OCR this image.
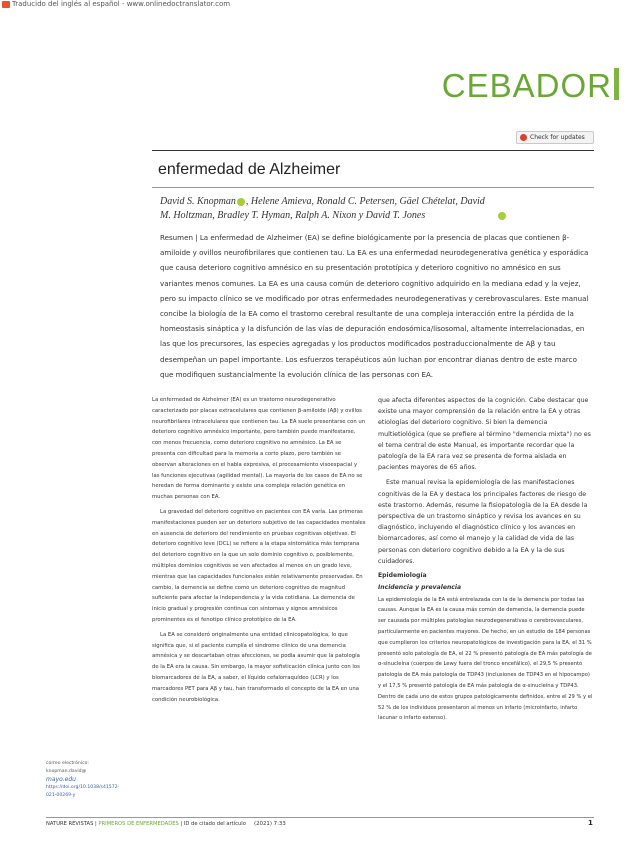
Traducido del inglés al español - www.onlinedoctranslator.com
CEBADOR
Check for updates
enfermedad de Alzheimer
David S. Knopman , Helene Amieva, Ronald C. Petersen, Gäel Chételat, David
M. Holtzman, Bradley T. Hyman, Ralph A. Nixon y David T. Jones
Resumen | La enfermedad de Alzheimer (EA) se define biológicamente por la presencia de placas que contienen β-amiloide y ovillos neurofibrilares que contienen tau. La EA es una enfermedad neurodegenerativa genética y esporádica que causa deterioro cognitivo amnésico en su presentación prototípica y deterioro cognitivo no amnésico en sus variantes menos comunes. La EA es una causa común de deterioro cognitivo adquirido en la mediana edad y la vejez, pero su impacto clínico se ve modificado por otras enfermedades neurodegenerativas y cerebrovasculares. Este manual concibe la biología de la EA como el trastorno cerebral resultante de una compleja interacción entre la pérdida de la homeostasis sináptica y la disfunción de las vías de depuración endosómica/lisosomal, altamente interrelacionadas, en las que los precursores, las especies agregadas y los productos modificados postraduccionalmente de Aβ y tau desempeñan un papel importante. Los esfuerzos terapéuticos aún luchan por encontrar dianas dentro de este marco que modifiquen sustancialmente la evolución clínica de las personas con EA.

La enfermedad de Alzheimer (EA) es un trastorno neurodegenerativo caracterizado por placas extracelulares que contienen β-amiloide (Aβ) y ovillos neurofibrilares intracelulares que contienen tau. La EA suele presentarse con un deterioro cognitivo amnésico importante, pero también puede manifestarse, con menos frecuencia, como deterioro cognitivo no amnésico. La EA se presenta con dificultad para la memoria a corto plazo, pero también se observan alteraciones en el habla expresiva, el procesamiento visoespacial y las funciones ejecutivas (agilidad mental). La mayoría de los casos de EA no se heredan de forma dominante y existe una compleja relación genética en muchas personas con EA.

La gravedad del deterioro cognitivo en pacientes con EA varía. Las primeras manifestaciones pueden ser un deterioro subjetivo de las capacidades mentales en ausencia de deterioro del rendimiento en pruebas cognitivas objetivas. El deterioro cognitivo leve (DCL) se refiere a la etapa sintomática más temprana del deterioro cognitivo en la que un solo dominio cognitivo o, posiblemente, múltiples dominios cognitivos se ven afectados al menos en un grado leve, mientras que las capacidades funcionales están relativamente preservadas. En cambio, la demencia se define como un deterioro cognitivo de magnitud suficiente para afectar la independencia y la vida cotidiana. La demencia de inicio gradual y progresión continua con síntomas y signos amnésicos prominentes es el fenotipo clínico prototípico de la EA.

La EA se consideró originalmente una entidad clinicopatológica, lo que significa que, si el paciente cumplía el síndrome clínico de una demencia amnésica y se descartaban otras afecciones, se podía asumir que la patología de la EA era la causa. Sin embargo, la mayor sofisticación clínica junto con los biomarcadores de la EA, a saber, el líquido cefalorraquídeo (LCR) y los marcadores PET para Aβ y tau, han transformado el concepto de la EA en una condición neurobiológica.

que afecta diferentes aspectos de la cognición. Cabe destacar que existe una mayor comprensión de la relación entre la EA y otras etiologías del deterioro cognitivo. Si bien la demencia multietiológica (que se prefiere al término "demencia mixta") no es el tema central de este Manual, es importante recordar que la patología de la EA rara vez se presenta de forma aislada en pacientes mayores de 65 años.

Este manual revisa la epidemiología de las manifestaciones cognitivas de la EA y destaca los principales factores de riesgo de este trastorno. Además, resume la fisiopatología de la EA desde la perspectiva de un trastorno sináptico y revisa los avances en su diagnóstico, incluyendo el diagnóstico clínico y los avances en biomarcadores, así como el manejo y la calidad de vida de las personas con deterioro cognitivo debido a la EA y la de sus cuidadores.

Epidemiología
Incidencia y prevalencia

La epidemiología de la EA está entrelazada con la de la demencia por todas las causas. Aunque la EA es la causa más común de demencia, la demencia puede ser causada por múltiples patologías neurodegenerativas o cerebrovasculares, particularmente en pacientes mayores. De hecho, en un estudio de 184 personas que cumplieron los criterios neuropatológicos de investigación para la EA, el 31 % presentó solo patología de EA, el 22 % presentó patología de EA más patología de α-sinucleína (cuerpos de Lewy fuera del tronco encefálico), el 29,5 % presentó patología de EA más patología de TDP43 (inclusiones de TDP43 en el hipocampo) y el 17,5 % presentó patología de EA más patología de α-sinucleína y TDP43. Dentro de cada uno de estos grupos patológicamente definidos, entre el 29 % y el 52 % de los individuos presentaron al menos un infarto (microinfarto, infarto lacunar o infarto extenso).

correo electrónico: knopman.david@
mayo.edu
https://doi.org/10.1038/s41572-021-00269-y
NATURE REVISTAS | PRIMEROS DE ENFERMEDADES | ID de citado del artículo (2021) 7:33	1
